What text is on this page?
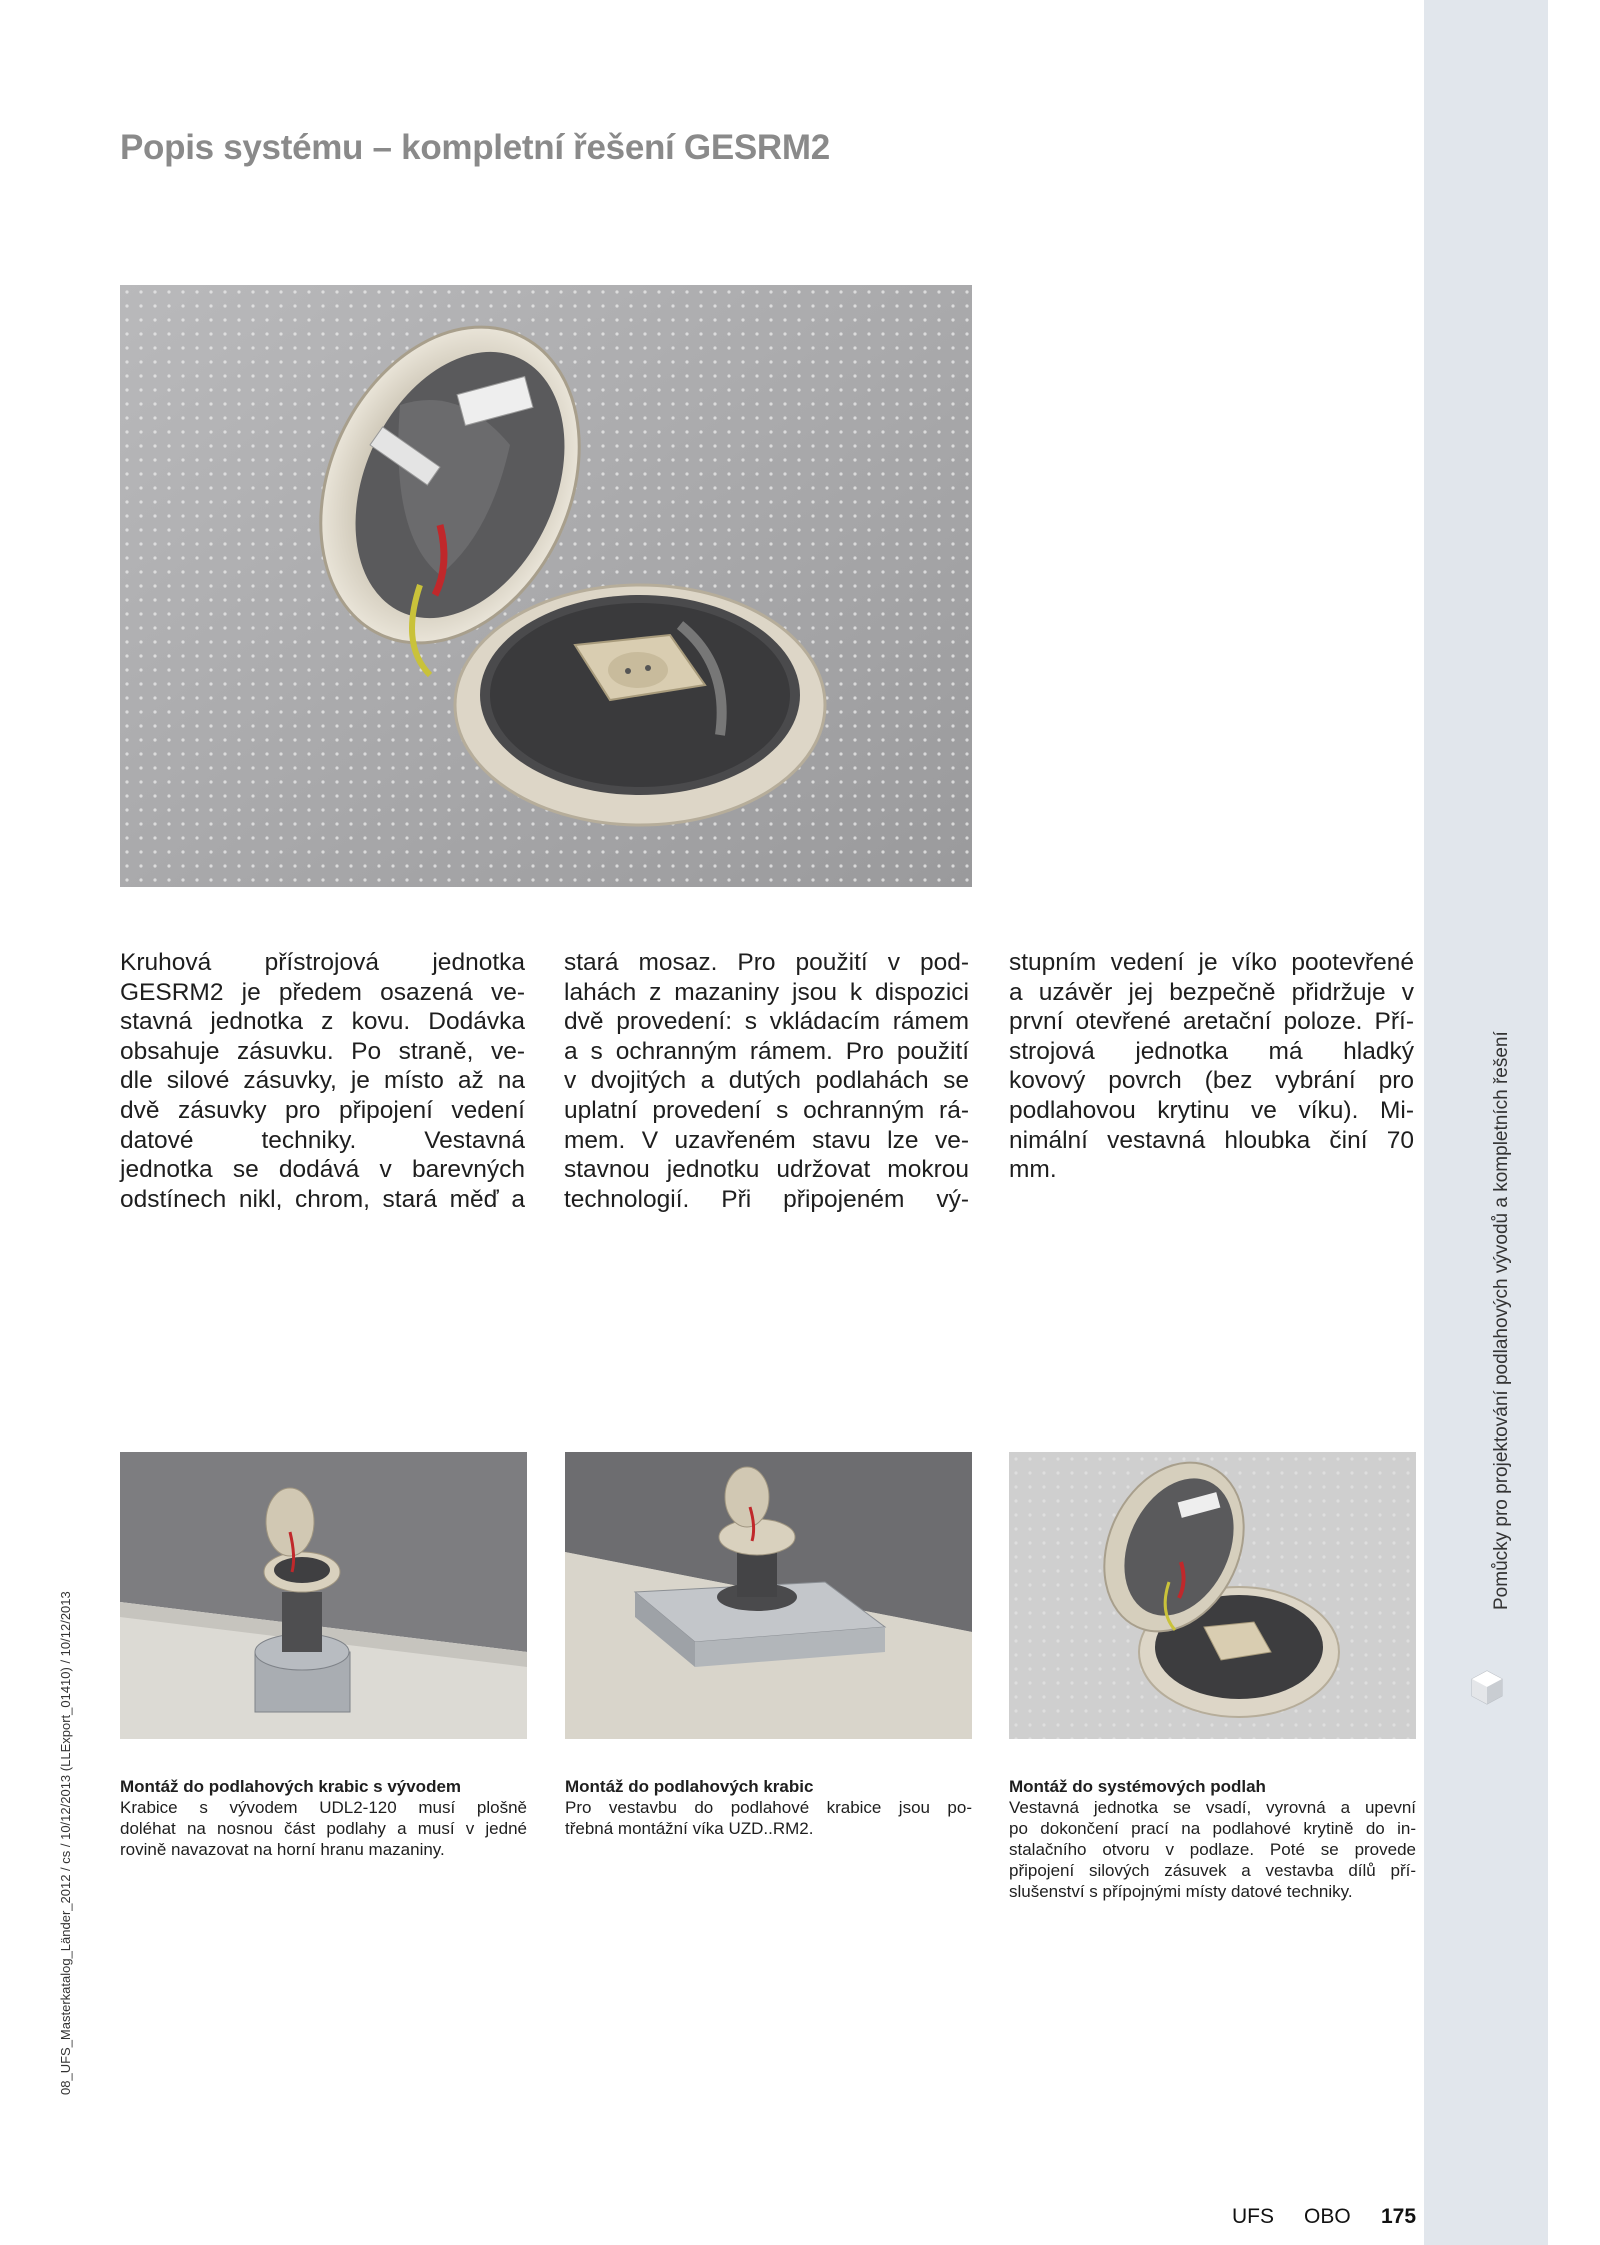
Pomůcky pro projektování podlahových vývodů a kompletních řešení
08_UFS_Masterkatalog_Länder_2012 / cs / 10/12/2013 (LLExport_01410) / 10/12/2013
Popis systému – kompletní řešení GESRM2
Kruhová přístrojová jednotka
GESRM2 je předem osazená ve-
stavná jednotka z kovu. Dodávka
obsahuje zásuvku. Po straně, ve-
dle silové zásuvky, je místo až na
dvě zásuvky pro připojení vedení
datové techniky. Vestavná
jednotka se dodává v barevných
odstínech nikl, chrom, stará měď a
stará mosaz. Pro použití v pod-
lahách z mazaniny jsou k dispozici
dvě provedení: s vkládacím rámem
a s ochranným rámem. Pro použití
v dvojitých a dutých podlahách se
uplatní provedení s ochranným rá-
mem. V uzavřeném stavu lze ve-
stavnou jednotku udržovat mokrou
technologií. Při připojeném vý-
stupním vedení je víko pootevřené
a uzávěr jej bezpečně přidržuje v
první otevřené aretační poloze. Pří-
strojová jednotka má hladký
kovový povrch (bez vybrání pro
podlahovou krytinu ve víku). Mi-
nimální vestavná hloubka činí 70
mm.
Montáž do podlahových krabic s vývodem
Krabice s vývodem UDL2-120 musí plošně
doléhat na nosnou část podlahy a musí v jedné
rovině navazovat na horní hranu mazaniny.
Montáž do podlahových krabic
Pro vestavbu do podlahové krabice jsou po-
třebná montážní víka UZD..RM2.
Montáž do systémových podlah
Vestavná jednotka se vsadí, vyrovná a upevní
po dokončení prací na podlahové krytině do in-
stalačního otvoru v podlaze. Poté se provede
připojení silových zásuvek a vestavba dílů pří-
slušenství s přípojnými místy datové techniky.
UFS OBO 175
